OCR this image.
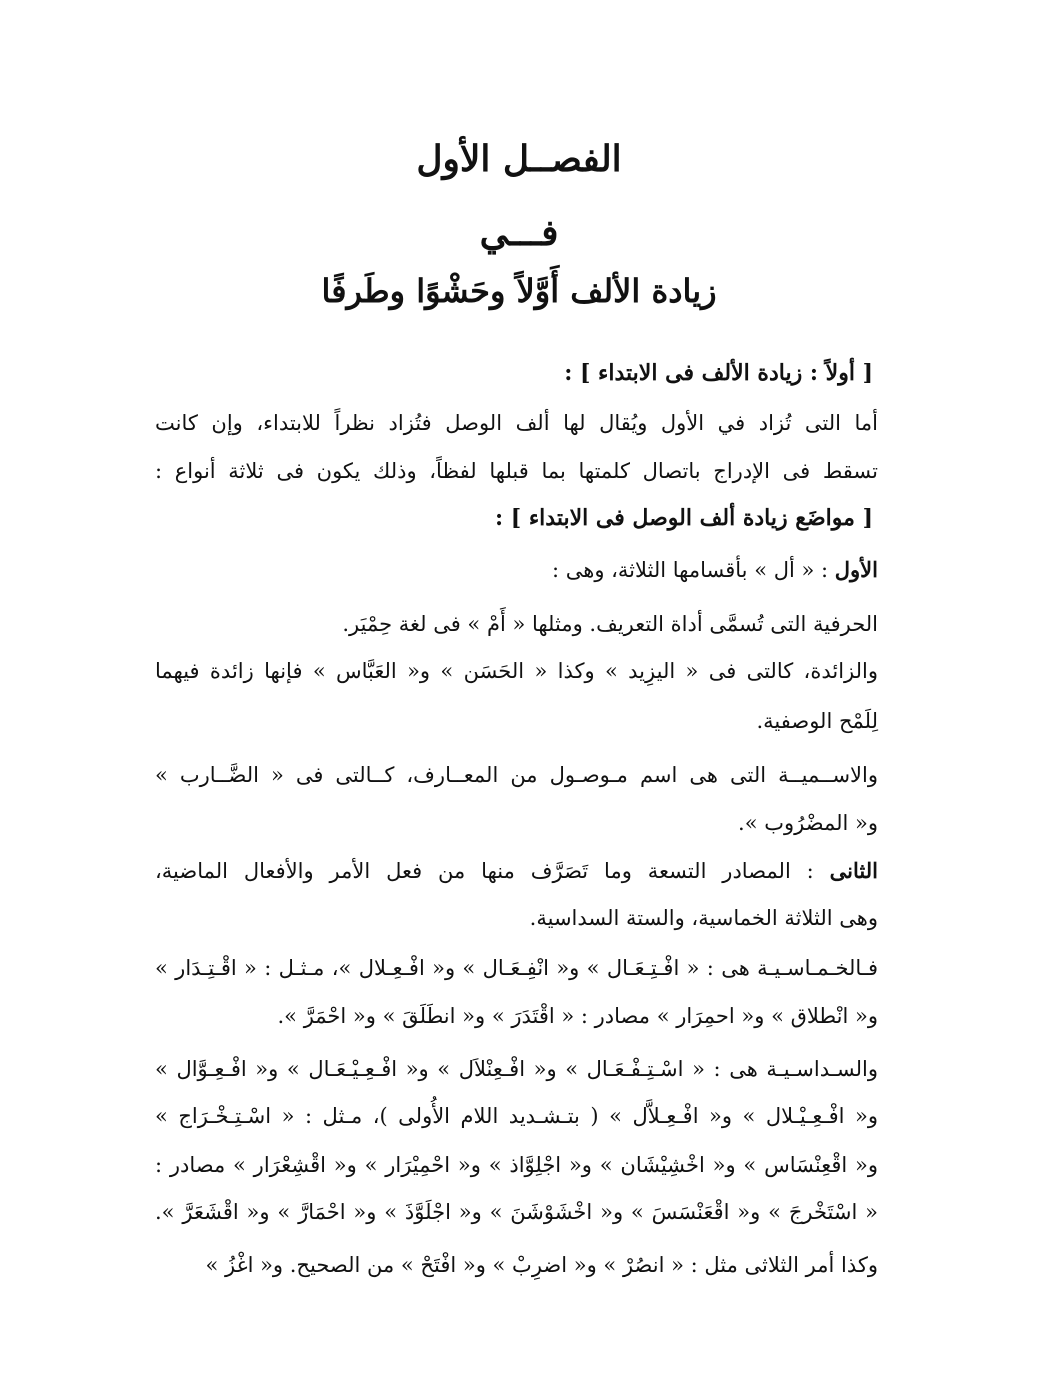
الفصــل الأول
فـــي
زيادة الألف أَوَّلاً وحَشْوًا وطَرفًا

[ أولاً : زيادة الألف فى الابتداء ] :

أما التى تُزاد في الأول ويُقال لها ألف الوصل فتُزاد نظراً للابتداء، وإن كانت

تسقط فى الإدراج باتصال كلمتها بما قبلها لفظاً، وذلك يكون فى ثلاثة أنواع :

[ مواضَع زيادة ألف الوصل فى الابتداء ] :

الأول : « أل » بأقسامها الثلاثة، وهى :

الحرفية التى تُسمَّى أداة التعريف. ومثلها « أَمْ » فى لغة حِمْيَر.

والزائدة، كالتى فى « اليزِيد » وكذا « الحَسَن » و« العَبَّاس » فإنها زائدة فيهما

لِلَمْح الوصفية.

والاســميــة التى هى اسم مـوصـول من المعــارف، كــالتى فى « الضَّــارب »

و« المضْرُوب ».

الثانى : المصادر التسعة وما تَصَرَّف منها من فعل الأمر والأفعال الماضية،

وهى الثلاثة الخماسية، والستة السداسية.

فـالخـمـاسـيـة هى : « افْـتِـعَـال » و« انْفِـعَـال » و« افْـعِـلال »، مـثـل : « اقْـتِـدَار »

و« انْطلاق » و« احمِرَار » مصادر : « اقْتَدَرَ » و« انطَلَقَ » و« احْمَرَّ ».

والسـداسـيـة هى : « اسْـتِـفْـعَـال » و« افْـعِنْلاَل » و« افْـعِـيْـعَـال » و« افْـعِـوَّال »

و« افْـعِـيْـلال » و« افْـعِـلاَّل » ( بتـشـديد اللام الأُولى )، مـثل : « اسْـتِـخْـرَاج »

و« اقْعِنْسَاس » و« اخْشِيْشَان » و« اجْلِوَّاذ » و« احْمِيْرَار » و« اقْشِعْرَار » مصادر :

« اسْتَخْرجَ » و« اقْعَنْسَسَ » و« اخْشَوْشَنَ » و« اجْلَوَّذَ » و« احْمَارَّ » و« اقْشَعَرَّ ».

وكذا أمر الثلاثى مثل : « انصُرْ » و« اضرِبْ » و« افْتَحْ » من الصحيح. و« اغْزُ »
